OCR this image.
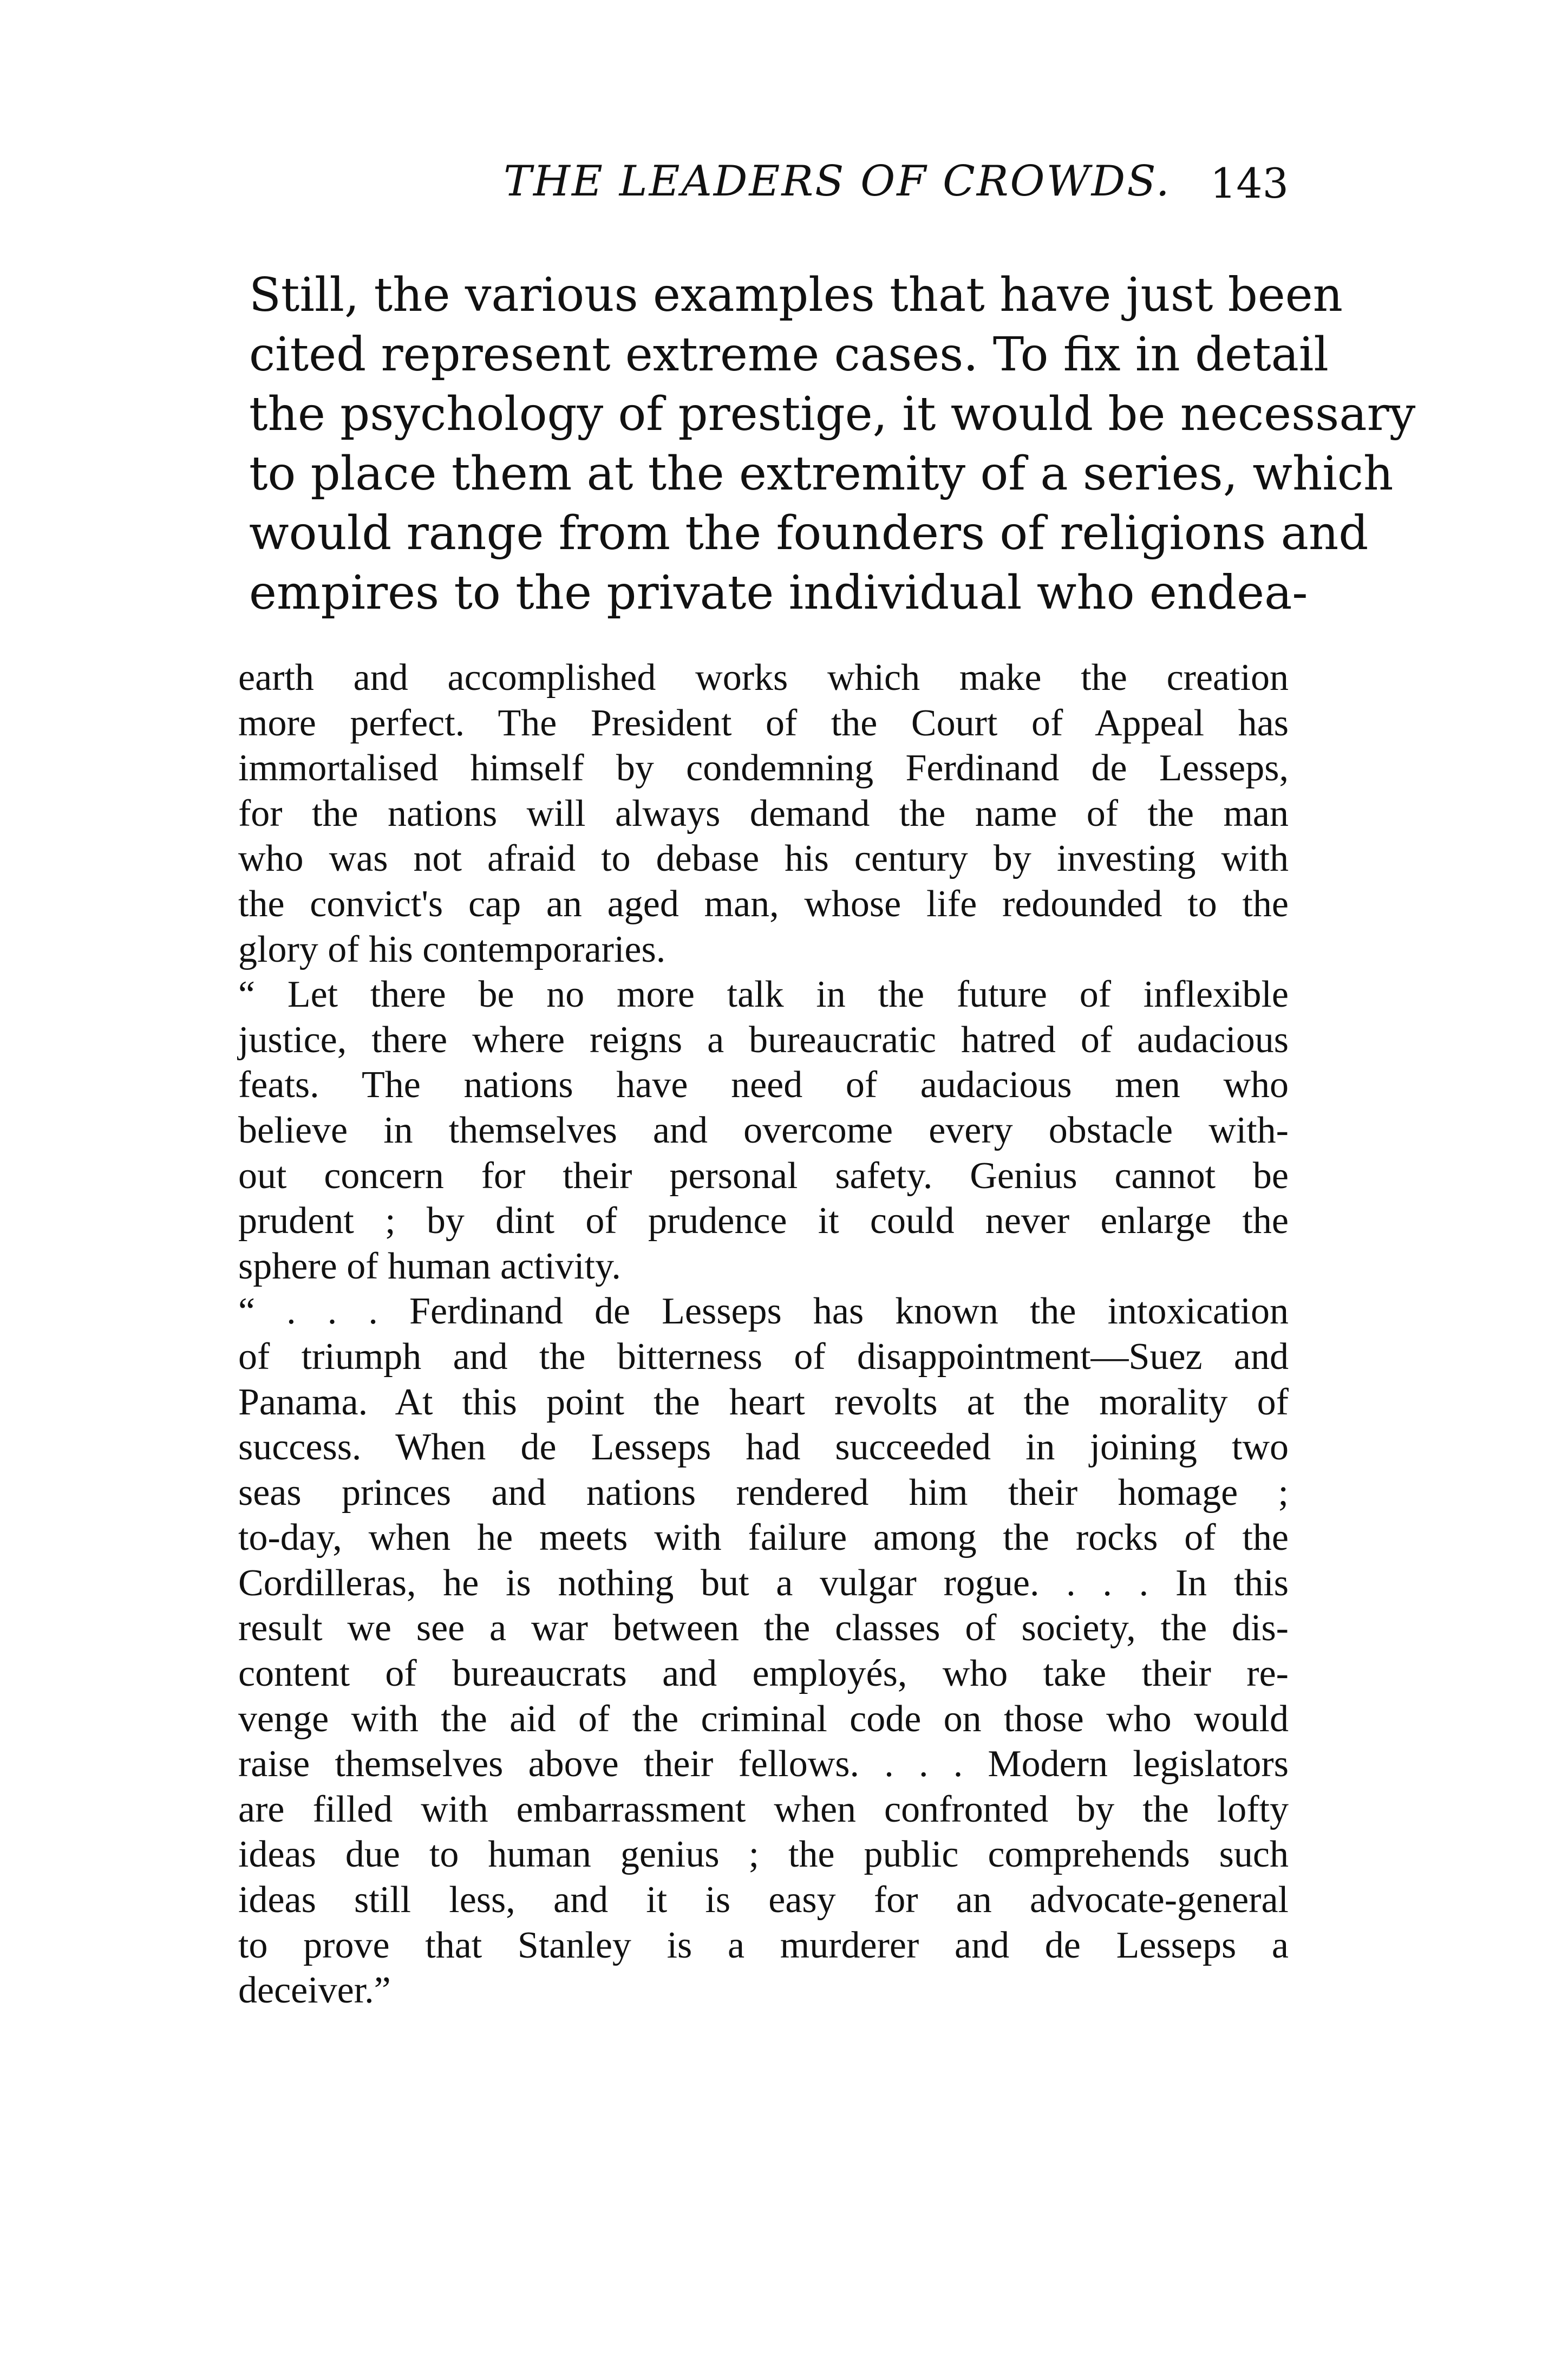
THE LEADERS OF CROWDS. 143
Still, the various examples that have just been
cited represent extreme cases. To fix in detail
the psychology of prestige, it would be necessary
to place them at the extremity of a series, which
would range from the founders of religions and
empires to the private individual who endea-
earth and accomplished works which make the creation
more perfect. The President of the Court of Appeal has
immortalised himself by condemning Ferdinand de Lesseps,
for the nations will always demand the name of the man
who was not afraid to debase his century by investing with
the convict's cap an aged man, whose life redounded to the
glory of his contemporaries.
“ Let there be no more talk in the future of inflexible
justice, there where reigns a bureaucratic hatred of audacious
feats. The nations have need of audacious men who
believe in themselves and overcome every obstacle with-
out concern for their personal safety. Genius cannot be
prudent ; by dint of prudence it could never enlarge the
sphere of human activity.
“ . . . Ferdinand de Lesseps has known the intoxication
of triumph and the bitterness of disappointment—Suez and
Panama. At this point the heart revolts at the morality of
success. When de Lesseps had succeeded in joining two
seas princes and nations rendered him their homage ;
to-day, when he meets with failure among the rocks of the
Cordilleras, he is nothing but a vulgar rogue. . . . In this
result we see a war between the classes of society, the dis-
content of bureaucrats and employés, who take their re-
venge with the aid of the criminal code on those who would
raise themselves above their fellows. . . . Modern legislators
are filled with embarrassment when confronted by the lofty
ideas due to human genius ; the public comprehends such
ideas still less, and it is easy for an advocate-general
to prove that Stanley is a murderer and de Lesseps a
deceiver.”
